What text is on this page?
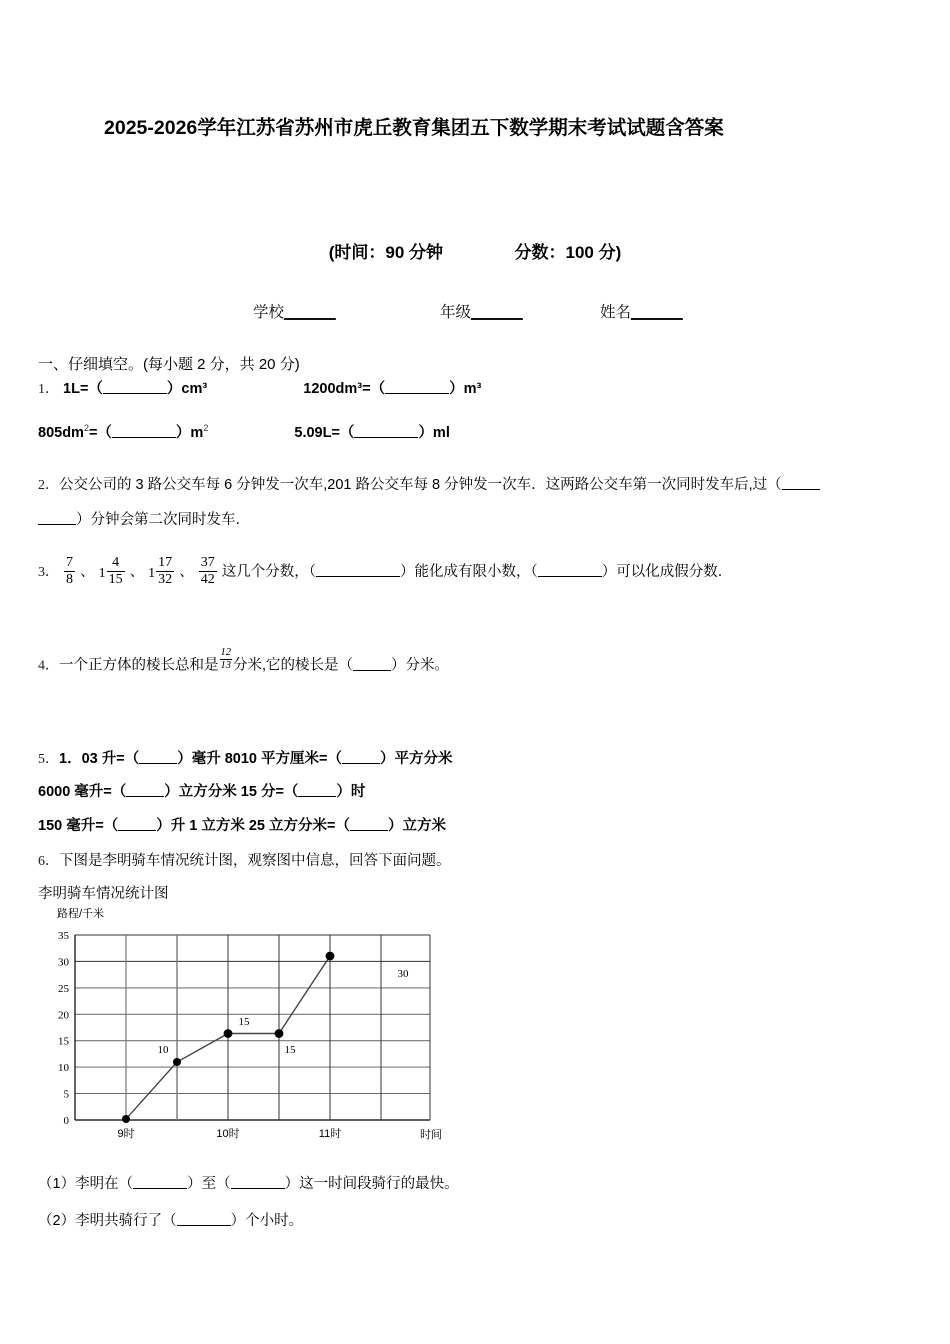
2025-2026学年江苏省苏州市虎丘教育集团五下数学期末考试试题含答案
(时间：90 分钟	分数：100 分)
学校______	年级______	姓名______
一、仔细填空。(每小题 2 分，共 20 分)
1． 1L=（	）cm³	1200dm³=（	）m³
$805dm^2=$（	）$m^2$	5.09L=（	）ml
2．公交公司的 3 路公交车每 6 分钟发一次车,201 路公交车每 8 分钟发一次车．这两路公交车第一次同时发车后,过（
）分钟会第二次同时发车．
3． $\frac{7}{8}$ 、 $1 \frac{4}{15}$ 、 $1 \frac{17}{32}$ 、 $\frac{37}{42}$ 这几个分数，（	）能化成有限小数，（	）可以化成假分数．
4．一个正方体的棱长总和是 $\frac{12}{13}$ 分米,它的棱长是（	）分米。
5．1．03 升=（	）毫升 8010 平方厘米=（	）平方分米
6000 毫升=（	）立方分米 15 分=（	）时
150 毫升=（	）升 1 立方米 25 立方分米=（	）立方米
6．下图是李明骑车情况统计图，观察图中信息，回答下面问题。
李明骑车情况统计图
路程/千米
时间
0
5
10
15
20
25
30
35
9时	10时	11时
10
15
15
30
（1）李明在（	）至（	）这一时间段骑行的最快。
（2）李明共骑行了（	）个小时。
